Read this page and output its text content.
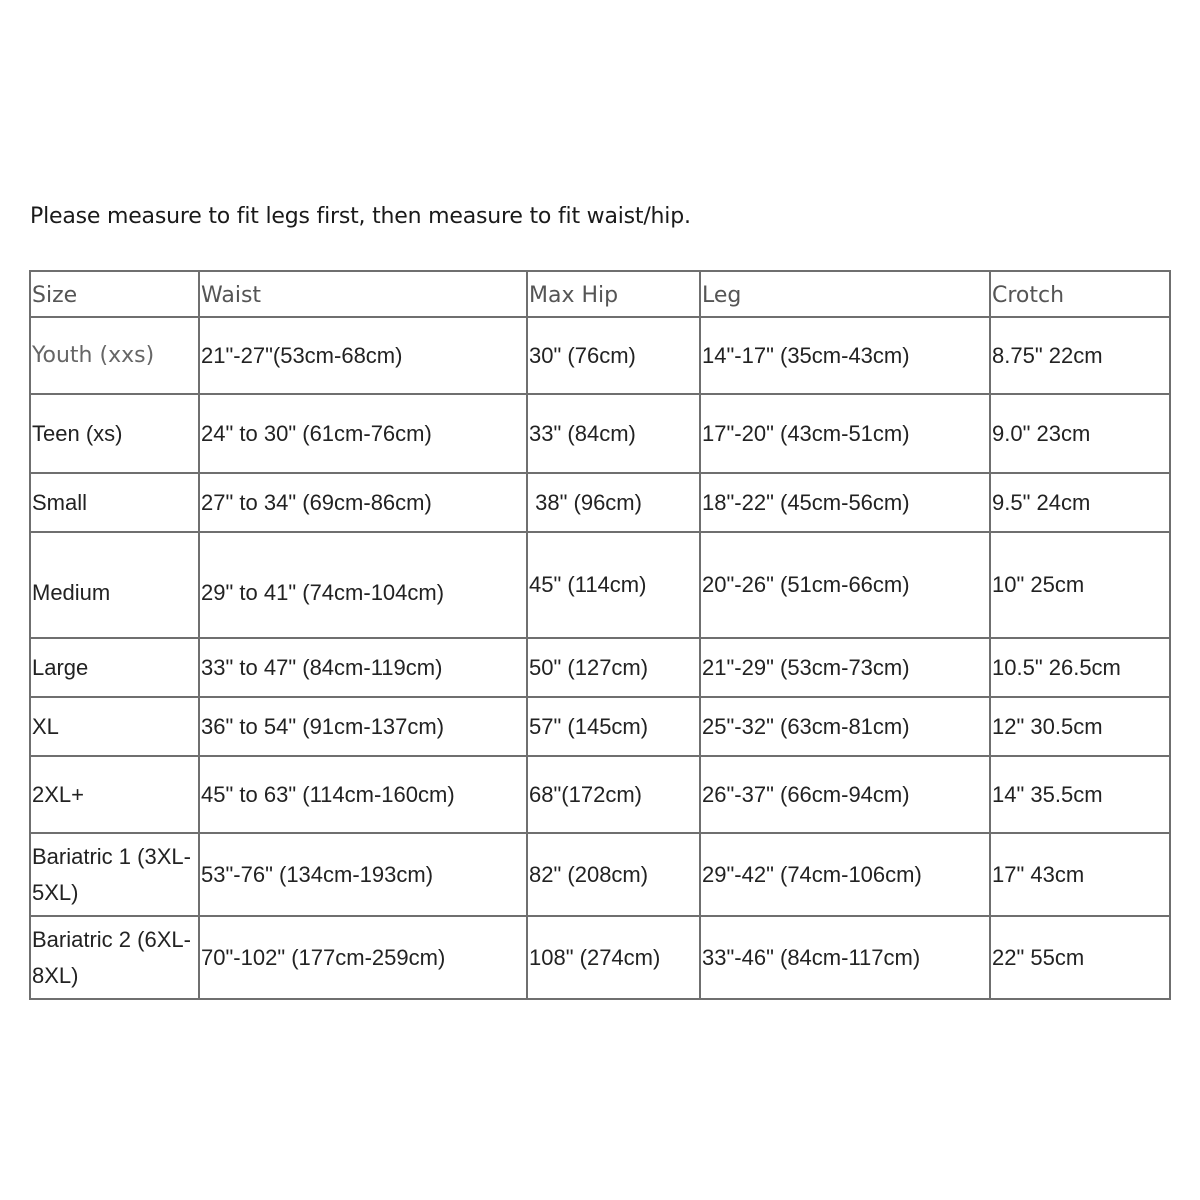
Please measure to fit legs first, then measure to fit waist/hip.
Size	Waist	Max Hip	Leg	Crotch
Youth (xxs)	21"-27"(53cm-68cm)	30" (76cm)	14"-17" (35cm-43cm)	8.75" 22cm
Teen (xs)	24" to 30" (61cm-76cm)	33" (84cm)	17"-20" (43cm-51cm)	9.0" 23cm
Small	27" to 34" (69cm-86cm)	38" (96cm)	18"-22" (45cm-56cm)	9.5" 24cm
Medium	29" to 41" (74cm-104cm)	45" (114cm)	20"-26" (51cm-66cm)	10" 25cm
Large	33" to 47" (84cm-119cm)	50" (127cm)	21"-29" (53cm-73cm)	10.5" 26.5cm
XL	36" to 54" (91cm-137cm)	57" (145cm)	25"-32" (63cm-81cm)	12" 30.5cm
2XL+	45" to 63" (114cm-160cm)	68"(172cm)	26"-37" (66cm-94cm)	14" 35.5cm
Bariatric 1 (3XL-5XL)	53"-76" (134cm-193cm)	82" (208cm)	29"-42" (74cm-106cm)	17" 43cm
Bariatric 2 (6XL-8XL)	70"-102" (177cm-259cm)	108" (274cm)	33"-46" (84cm-117cm)	22" 55cm
